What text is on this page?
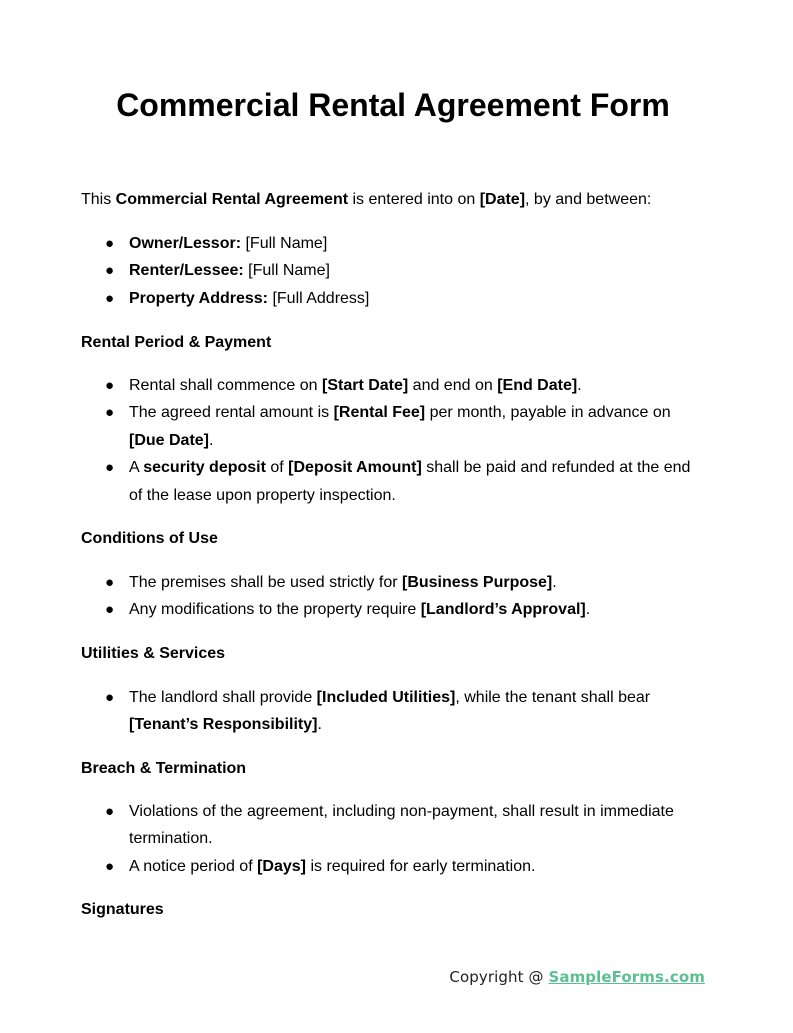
Commercial Rental Agreement Form

This Commercial Rental Agreement is entered into on [Date], by and between:

● Owner/Lessor: [Full Name]
● Renter/Lessee: [Full Name]
● Property Address: [Full Address]
Rental Period & Payment
● Rental shall commence on [Start Date] and end on [End Date].
● The agreed rental amount is [Rental Fee] per month, payable in advance on [Due Date].
● A security deposit of [Deposit Amount] shall be paid and refunded at the end of the lease upon property inspection.
Conditions of Use
● The premises shall be used strictly for [Business Purpose].
● Any modifications to the property require [Landlord’s Approval].
Utilities & Services
● The landlord shall provide [Included Utilities], while the tenant shall bear [Tenant’s Responsibility].
Breach & Termination
● Violations of the agreement, including non-payment, shall result in immediate termination.
● A notice period of [Days] is required for early termination.
Signatures
Copyright @ SampleForms.com
